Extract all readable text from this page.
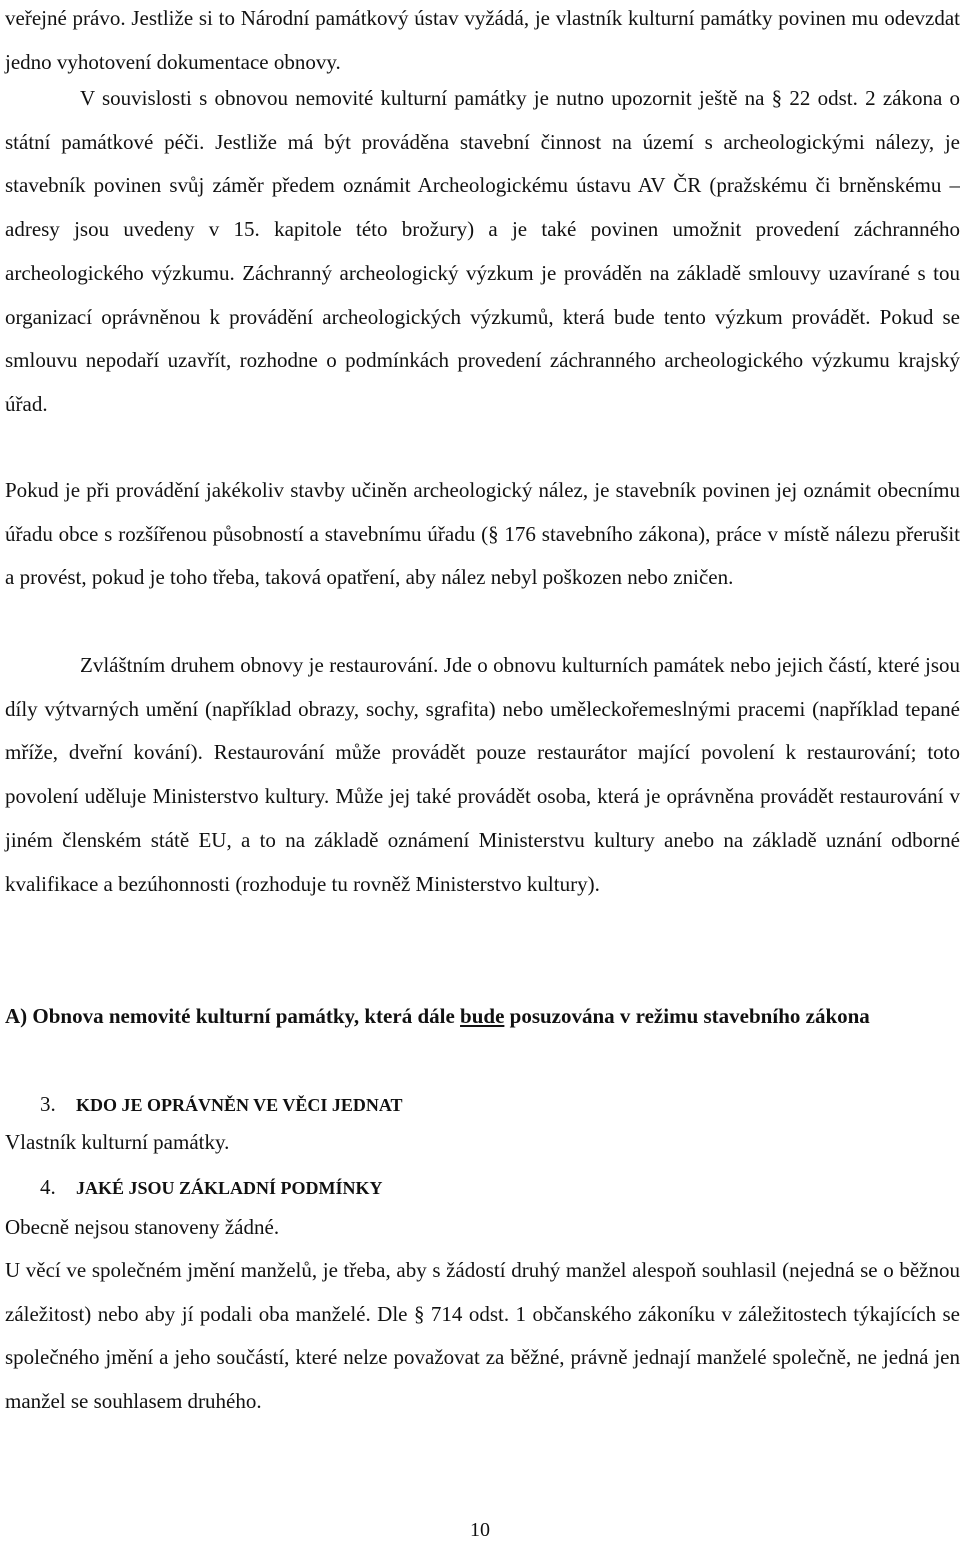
veřejné právo. Jestliže si to Národní památkový ústav vyžádá, je vlastník kulturní památky povinen mu odevzdat jedno vyhotovení dokumentace obnovy.

V souvislosti s obnovou nemovité kulturní památky je nutno upozornit ještě na § 22 odst. 2 zákona o státní památkové péči. Jestliže má být prováděna stavební činnost na území s archeologickými nálezy, je stavebník povinen svůj záměr předem oznámit Archeologickému ústavu AV ČR (pražskému či brněnskému – adresy jsou uvedeny v 15. kapitole této brožury) a je také povinen umožnit provedení záchranného archeologického výzkumu. Záchranný archeologický výzkum je prováděn na základě smlouvy uzavírané s tou organizací oprávněnou k provádění archeologických výzkumů, která bude tento výzkum provádět. Pokud se smlouvu nepodaří uzavřít, rozhodne o podmínkách provedení záchranného archeologického výzkumu krajský úřad.

Pokud je při provádění jakékoliv stavby učiněn archeologický nález, je stavebník povinen jej oznámit obecnímu úřadu obce s rozšířenou působností a stavebnímu úřadu (§ 176 stavebního zákona), práce v místě nálezu přerušit a provést, pokud je toho třeba, taková opatření, aby nález nebyl poškozen nebo zničen.

Zvláštním druhem obnovy je restaurování. Jde o obnovu kulturních památek nebo jejich částí, které jsou díly výtvarných umění (například obrazy, sochy, sgrafita) nebo uměleckořemeslnými pracemi (například tepané mříže, dveřní kování). Restaurování může provádět pouze restaurátor mající povolení k restaurování; toto povolení uděluje Ministerstvo kultury. Může jej také provádět osoba, která je oprávněna provádět restaurování v jiném členském státě EU, a to na základě oznámení Ministerstvu kultury anebo na základě uznání odborné kvalifikace a bezúhonnosti (rozhoduje tu rovněž Ministerstvo kultury).

A) Obnova nemovité kulturní památky, která dále bude posuzována v režimu stavebního zákona

3. KDO JE OPRÁVNĚN VE VĚCI JEDNAT

Vlastník kulturní památky.

4. JAKÉ JSOU ZÁKLADNÍ PODMÍNKY

Obecně nejsou stanoveny žádné.

U věcí ve společném jmění manželů, je třeba, aby s žádostí druhý manžel alespoň souhlasil (nejedná se o běžnou záležitost) nebo aby jí podali oba manželé. Dle § 714 odst. 1 občanského zákoníku v záležitostech týkajících se společného jmění a jeho součástí, které nelze považovat za běžné, právně jednají manželé společně, ne jedná jen manžel se souhlasem druhého.

10
